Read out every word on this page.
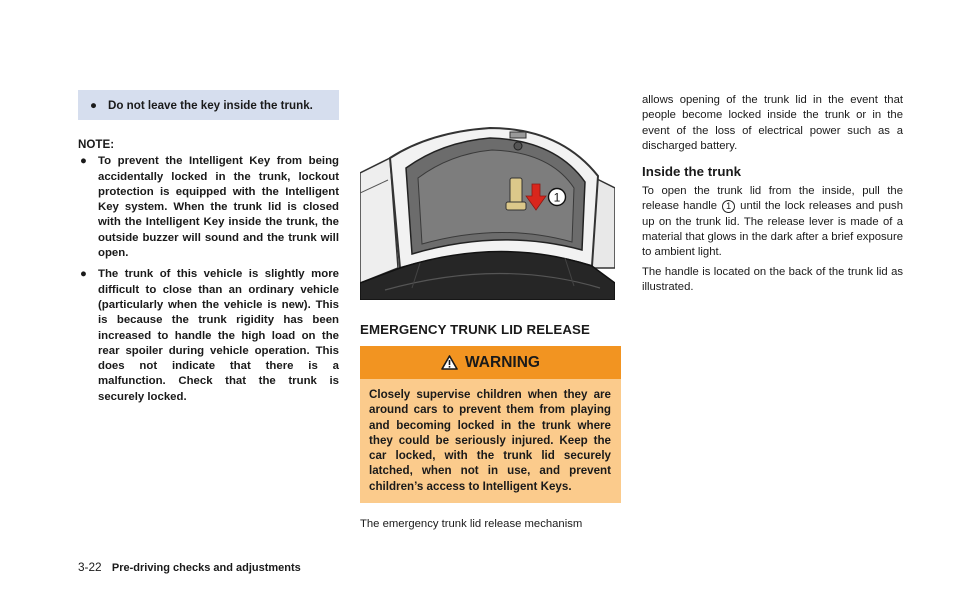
● Do not leave the key inside the trunk.
NOTE:
● To prevent the Intelligent Key from being accidentally locked in the trunk, lockout protection is equipped with the Intelligent Key system. When the trunk lid is closed with the Intelligent Key inside the trunk, the outside buzzer will sound and the trunk will open.
● The trunk of this vehicle is slightly more difficult to close than an ordinary vehicle (particularly when the vehicle is new). This is because the trunk rigidity has been increased to handle the high load on the rear spoiler during vehicle operation. This does not indicate that there is a malfunction. Check that the trunk is securely locked.
1
EMERGENCY TRUNK LID RELEASE
WARNING
Closely supervise children when they are around cars to prevent them from playing and becoming locked in the trunk where they could be seriously injured. Keep the car locked, with the trunk lid securely latched, when not in use, and prevent children’s access to Intelligent Keys.
The emergency trunk lid release mechanism
allows opening of the trunk lid in the event that people become locked inside the trunk or in the event of the loss of electrical power such as a discharged battery.
Inside the trunk
To open the trunk lid from the inside, pull the release handle 1 until the lock releases and push up on the trunk lid. The release lever is made of a material that glows in the dark after a brief exposure to ambient light.
The handle is located on the back of the trunk lid as illustrated.
3-22 Pre-driving checks and adjustments
